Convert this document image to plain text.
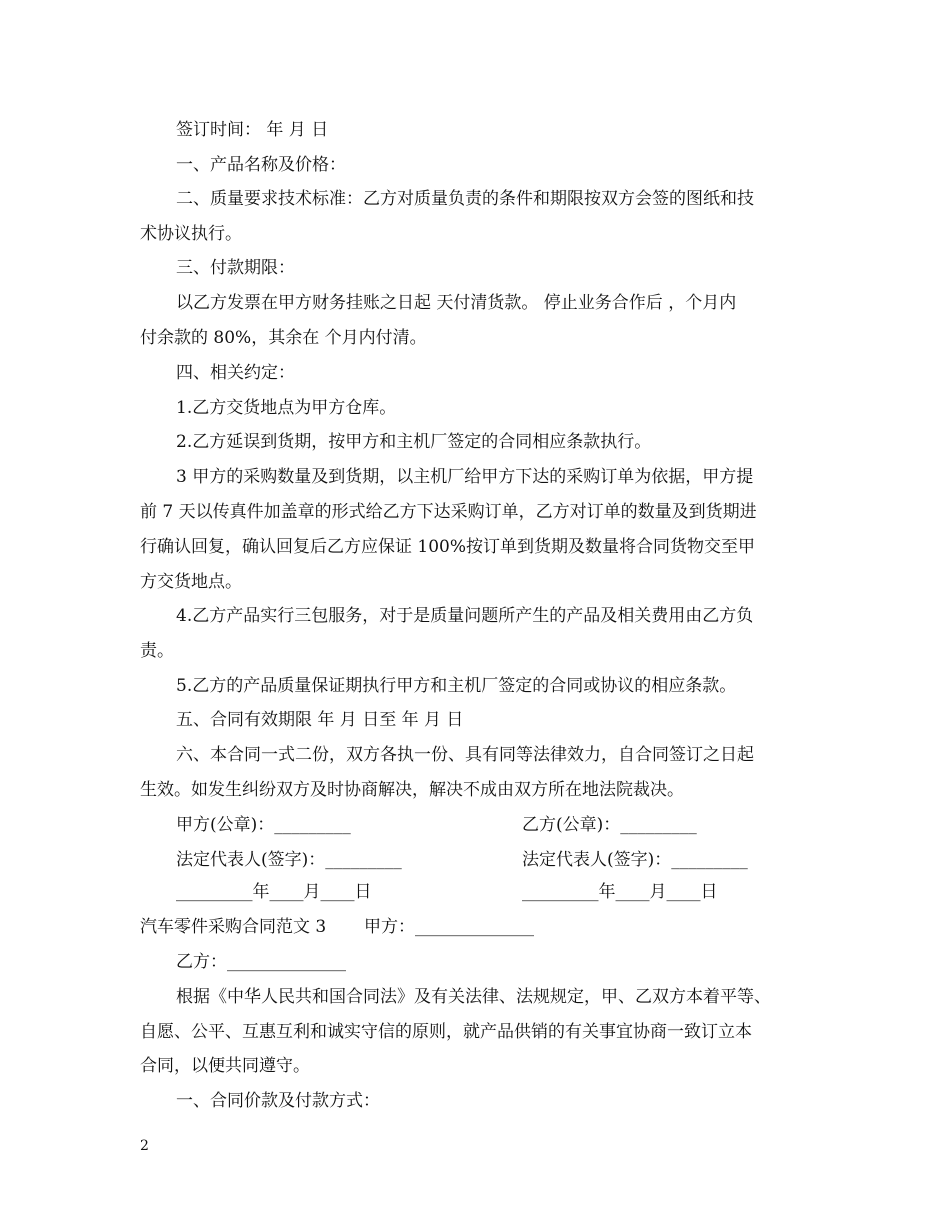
签订时间： 年 月 日
一、产品名称及价格：
二、质量要求技术标准：乙方对质量负责的条件和期限按双方会签的图纸和技
术协议执行。
三、付款期限：
以乙方发票在甲方财务挂账之日起 天付清货款。 停止业务合作后 ，个月内
付余款的 80%，其余在 个月内付清。
四、相关约定：
1.乙方交货地点为甲方仓库。
2.乙方延误到货期，按甲方和主机厂签定的合同相应条款执行。
3 甲方的采购数量及到货期，以主机厂给甲方下达的采购订单为依据，甲方提
前 7 天以传真件加盖章的形式给乙方下达采购订单，乙方对订单的数量及到货期进
行确认回复，确认回复后乙方应保证 100%按订单到货期及数量将合同货物交至甲
方交货地点。
4.乙方产品实行三包服务，对于是质量问题所产生的产品及相关费用由乙方负
责。
5.乙方的产品质量保证期执行甲方和主机厂签定的合同或协议的相应条款。
五、合同有效期限 年 月 日至 年 月 日
六、本合同一式二份，双方各执一份、具有同等法律效力，自合同签订之日起
生效。如发生纠纷双方及时协商解决，解决不成由双方所在地法院裁决。
甲方(公章)：_________	乙方(公章)：_________
法定代表人(签字)：_________	法定代表人(签字)：_________
_________年____月____日	_________年____月____日
汽车零件采购合同范文 3       甲方：______________
乙方：______________
根据《中华人民共和国合同法》及有关法律、法规规定，甲、乙双方本着平等、
自愿、公平、互惠互利和诚实守信的原则，就产品供销的有关事宜协商一致订立本
合同，以便共同遵守。
一、合同价款及付款方式：
2
